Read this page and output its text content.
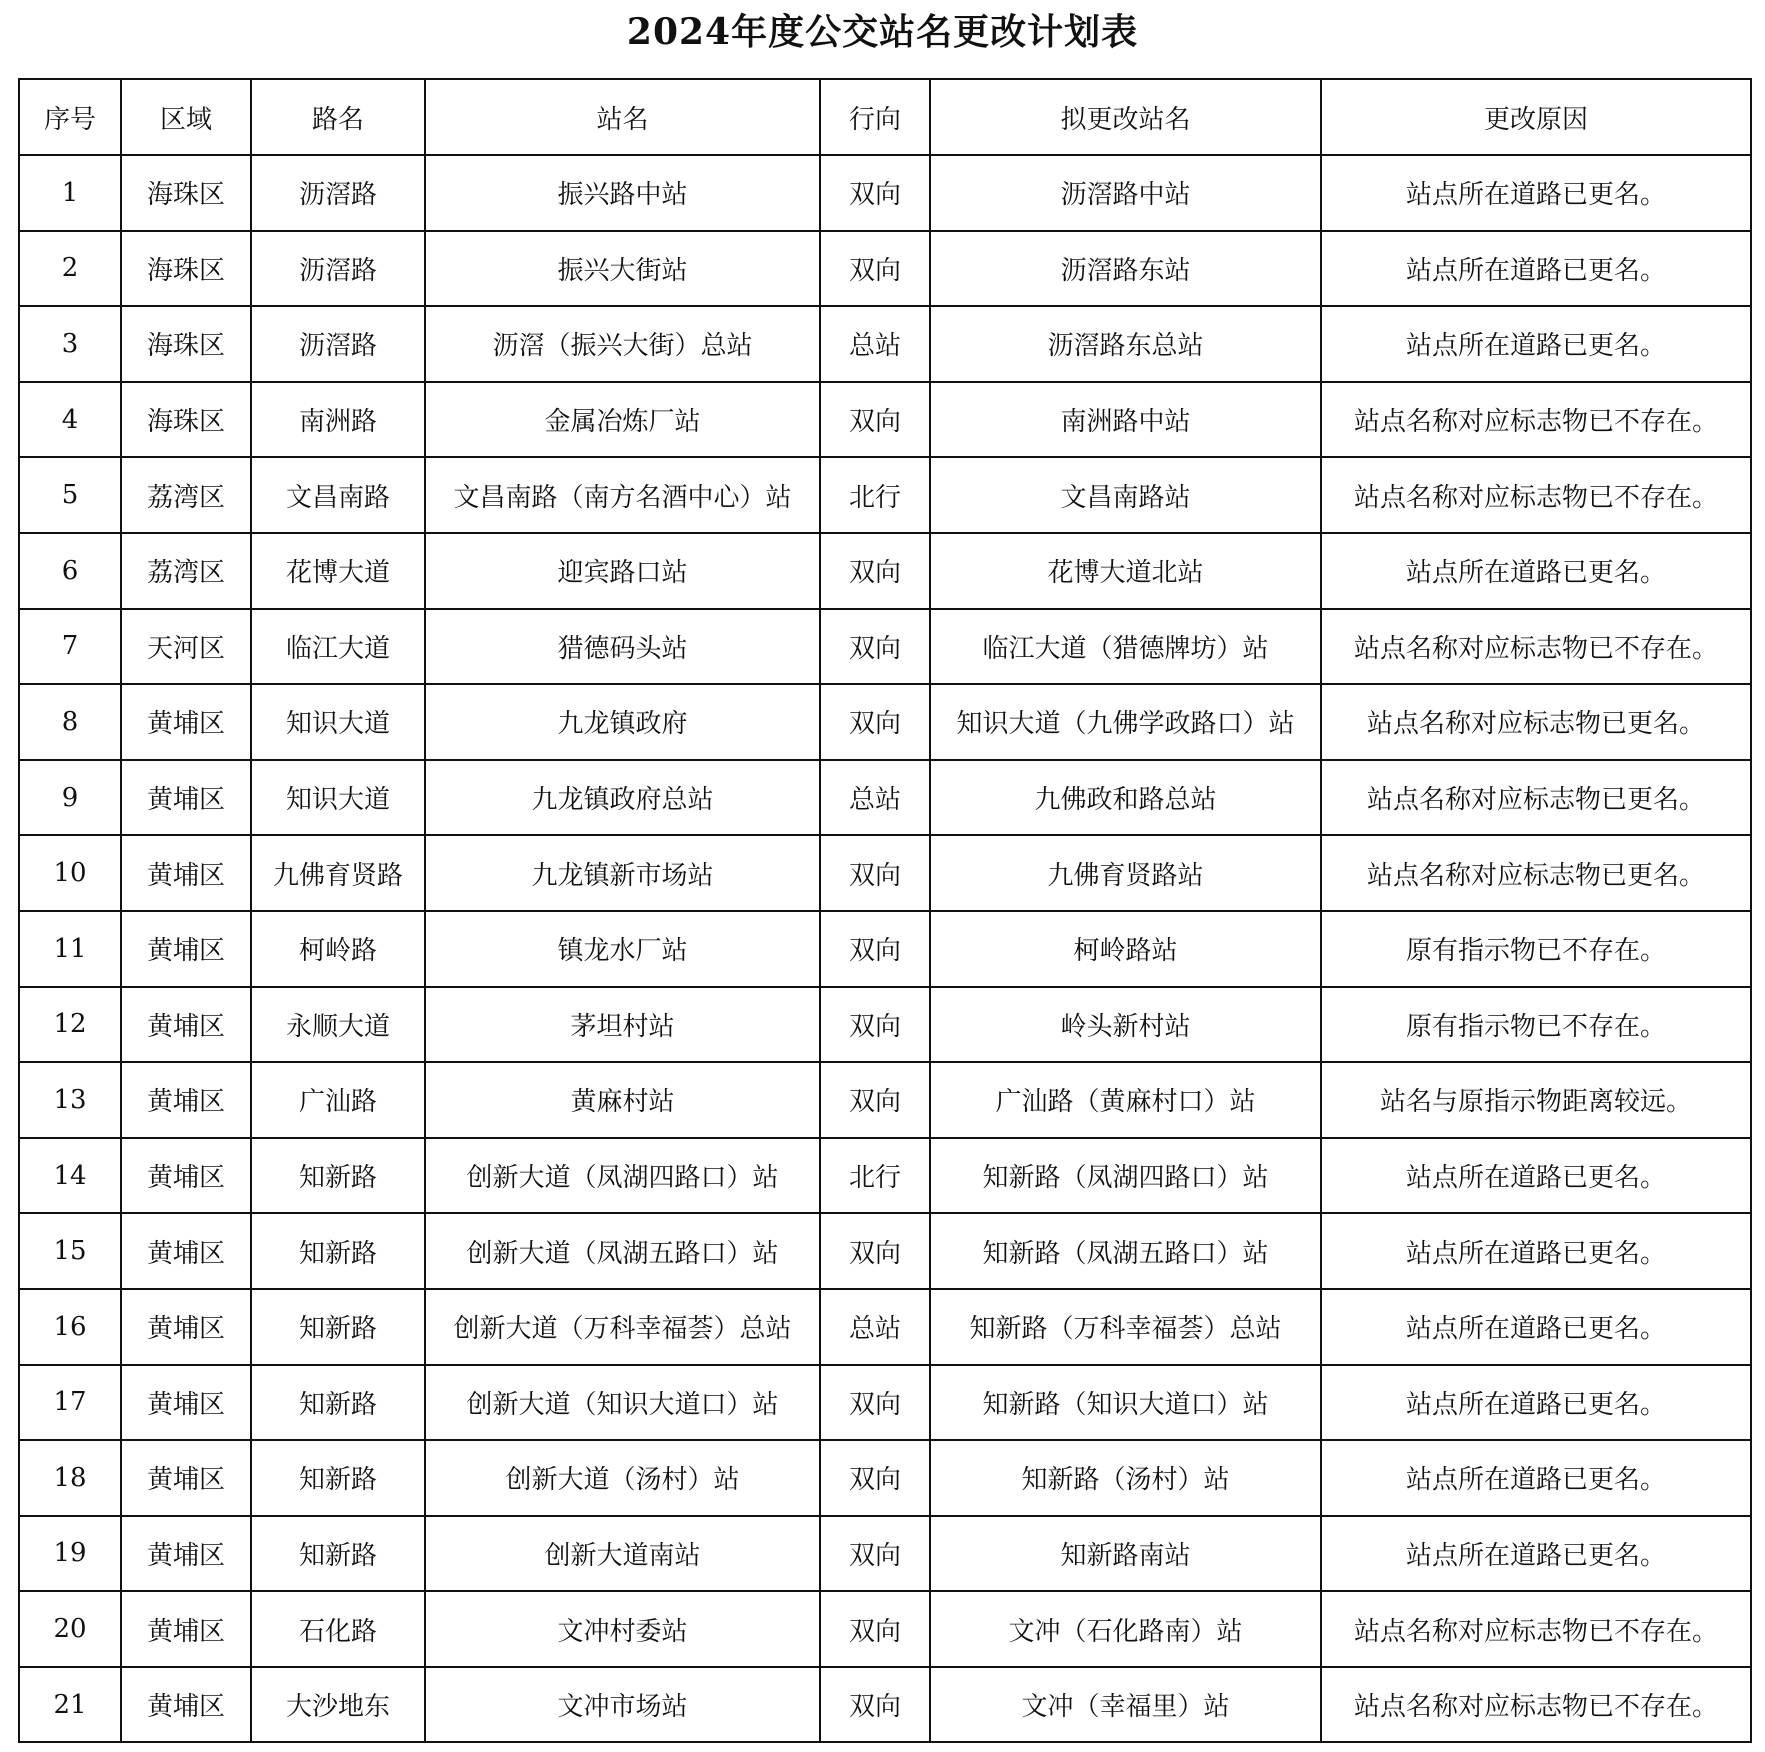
2024年度公交站名更改计划表
序号	区域	路名	站名	行向	拟更改站名	更改原因
1	海珠区	沥滘路	振兴路中站	双向	沥滘路中站	站点所在道路已更名。
2	海珠区	沥滘路	振兴大街站	双向	沥滘路东站	站点所在道路已更名。
3	海珠区	沥滘路	沥滘（振兴大街）总站	总站	沥滘路东总站	站点所在道路已更名。
4	海珠区	南洲路	金属冶炼厂站	双向	南洲路中站	站点名称对应标志物已不存在。
5	荔湾区	文昌南路	文昌南路（南方名酒中心）站	北行	文昌南路站	站点名称对应标志物已不存在。
6	荔湾区	花博大道	迎宾路口站	双向	花博大道北站	站点所在道路已更名。
7	天河区	临江大道	猎德码头站	双向	临江大道（猎德牌坊）站	站点名称对应标志物已不存在。
8	黄埔区	知识大道	九龙镇政府	双向	知识大道（九佛学政路口）站	站点名称对应标志物已更名。
9	黄埔区	知识大道	九龙镇政府总站	总站	九佛政和路总站	站点名称对应标志物已更名。
10	黄埔区	九佛育贤路	九龙镇新市场站	双向	九佛育贤路站	站点名称对应标志物已更名。
11	黄埔区	柯岭路	镇龙水厂站	双向	柯岭路站	原有指示物已不存在。
12	黄埔区	永顺大道	茅坦村站	双向	岭头新村站	原有指示物已不存在。
13	黄埔区	广汕路	黄麻村站	双向	广汕路（黄麻村口）站	站名与原指示物距离较远。
14	黄埔区	知新路	创新大道（凤湖四路口）站	北行	知新路（凤湖四路口）站	站点所在道路已更名。
15	黄埔区	知新路	创新大道（凤湖五路口）站	双向	知新路（凤湖五路口）站	站点所在道路已更名。
16	黄埔区	知新路	创新大道（万科幸福荟）总站	总站	知新路（万科幸福荟）总站	站点所在道路已更名。
17	黄埔区	知新路	创新大道（知识大道口）站	双向	知新路（知识大道口）站	站点所在道路已更名。
18	黄埔区	知新路	创新大道（汤村）站	双向	知新路（汤村）站	站点所在道路已更名。
19	黄埔区	知新路	创新大道南站	双向	知新路南站	站点所在道路已更名。
20	黄埔区	石化路	文冲村委站	双向	文冲（石化路南）站	站点名称对应标志物已不存在。
21	黄埔区	大沙地东	文冲市场站	双向	文冲（幸福里）站	站点名称对应标志物已不存在。
